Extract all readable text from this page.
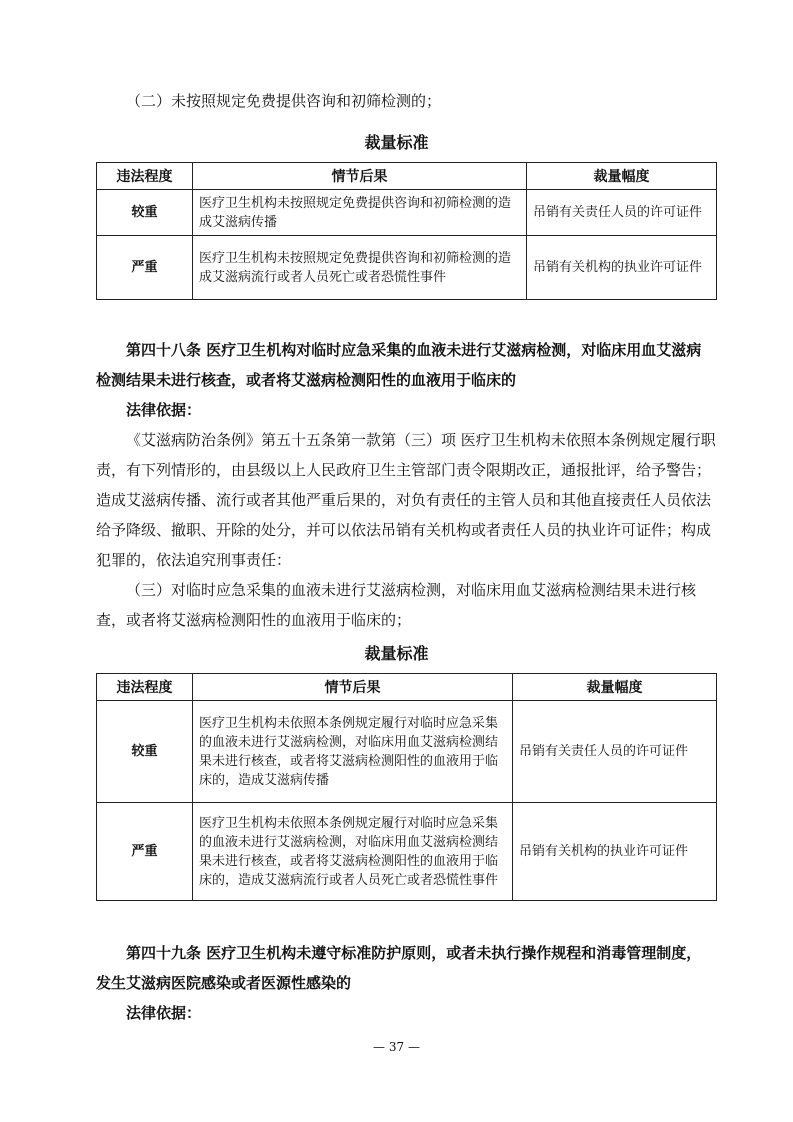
（二）未按照规定免费提供咨询和初筛检测的；

裁量标准

违法程度	情节后果	裁量幅度
较重	医疗卫生机构未按照规定免费提供咨询和初筛检测的造成艾滋病传播	吊销有关责任人员的许可证件
严重	医疗卫生机构未按照规定免费提供咨询和初筛检测的造成艾滋病流行或者人员死亡或者恐慌性事件	吊销有关机构的执业许可证件

第四十八条 医疗卫生机构对临时应急采集的血液未进行艾滋病检测，对临床用血艾滋病检测结果未进行核查，或者将艾滋病检测阳性的血液用于临床的

法律依据：

《艾滋病防治条例》第五十五条第一款第（三）项 医疗卫生机构未依照本条例规定履行职责，有下列情形的，由县级以上人民政府卫生主管部门责令限期改正，通报批评，给予警告；造成艾滋病传播、流行或者其他严重后果的，对负有责任的主管人员和其他直接责任人员依法给予降级、撤职、开除的处分，并可以依法吊销有关机构或者责任人员的执业许可证件；构成犯罪的，依法追究刑事责任：

（三）对临时应急采集的血液未进行艾滋病检测，对临床用血艾滋病检测结果未进行核查，或者将艾滋病检测阳性的血液用于临床的；

裁量标准

违法程度	情节后果	裁量幅度
较重	医疗卫生机构未依照本条例规定履行对临时应急采集的血液未进行艾滋病检测，对临床用血艾滋病检测结果未进行核查，或者将艾滋病检测阳性的血液用于临床的，造成艾滋病传播	吊销有关责任人员的许可证件
严重	医疗卫生机构未依照本条例规定履行对临时应急采集的血液未进行艾滋病检测，对临床用血艾滋病检测结果未进行核查，或者将艾滋病检测阳性的血液用于临床的，造成艾滋病流行或者人员死亡或者恐慌性事件	吊销有关机构的执业许可证件

第四十九条 医疗卫生机构未遵守标准防护原则，或者未执行操作规程和消毒管理制度，发生艾滋病医院感染或者医源性感染的

法律依据：

— 37 —
